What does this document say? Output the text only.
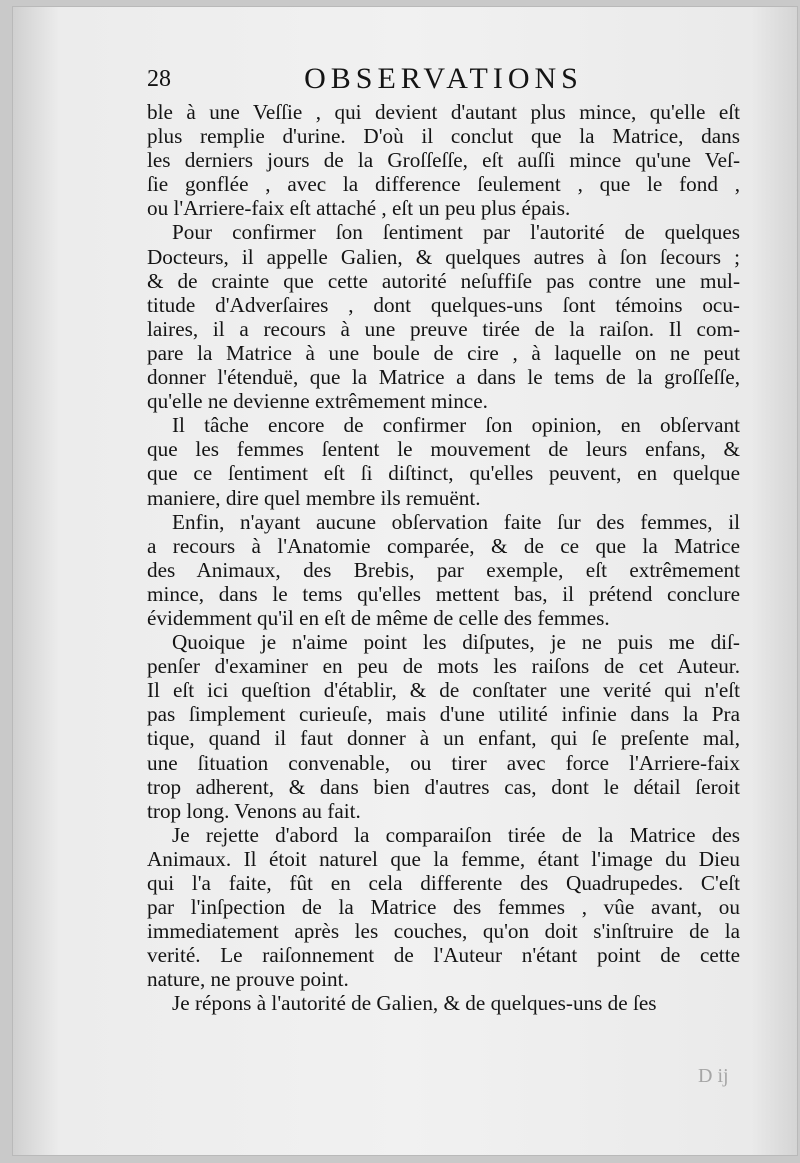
28	OBSERVATIONS
ble à une Veſſie , qui devient d'autant plus mince, qu'elle eſt
plus remplie d'urine. D'où il conclut que la Matrice, dans
les derniers jours de la Groſſeſſe, eſt auſſi mince qu'une Veſ-
ſie gonflée , avec la difference ſeulement , que le fond ,
ou l'Arriere-faix eſt attaché , eſt un peu plus épais.
Pour confirmer ſon ſentiment par l'autorité de quelques
Docteurs, il appelle Galien, & quelques autres à ſon ſecours ;
& de crainte que cette autorité neſuffiſe pas contre une mul-
titude d'Adverſaires , dont quelques-uns ſont témoins ocu-
laires, il a recours à une preuve tirée de la raiſon. Il com-
pare la Matrice à une boule de cire , à laquelle on ne peut
donner l'étenduë, que la Matrice a dans le tems de la groſſeſſe,
qu'elle ne devienne extrêmement mince.
Il tâche encore de confirmer ſon opinion, en obſervant
que les femmes ſentent le mouvement de leurs enfans, &
que ce ſentiment eſt ſi diſtinct, qu'elles peuvent, en quelque
maniere, dire quel membre ils remuënt.
Enfin, n'ayant aucune obſervation faite ſur des femmes, il
a recours à l'Anatomie comparée, & de ce que la Matrice
des Animaux, des Brebis, par exemple, eſt extrêmement
mince, dans le tems qu'elles mettent bas, il prétend conclure
évidemment qu'il en eſt de même de celle des femmes.
Quoique je n'aime point les diſputes, je ne puis me diſ-
penſer d'examiner en peu de mots les raiſons de cet Auteur.
Il eſt ici queſtion d'établir, & de conſtater une verité qui n'eſt
pas ſimplement curieuſe, mais d'une utilité infinie dans la Pra
tique, quand il faut donner à un enfant, qui ſe preſente mal,
une ſituation convenable, ou tirer avec force l'Arriere-faix
trop adherent, & dans bien d'autres cas, dont le détail ſeroit
trop long. Venons au fait.
Je rejette d'abord la comparaiſon tirée de la Matrice des
Animaux. Il étoit naturel que la femme, étant l'image du Dieu
qui l'a faite, fût en cela differente des Quadrupedes. C'eſt
par l'inſpection de la Matrice des femmes , vûe avant, ou
immediatement après les couches, qu'on doit s'inſtruire de la
verité. Le raiſonnement de l'Auteur n'étant point de cette
nature, ne prouve point.
Je répons à l'autorité de Galien, & de quelques-uns de ſes
D ij
